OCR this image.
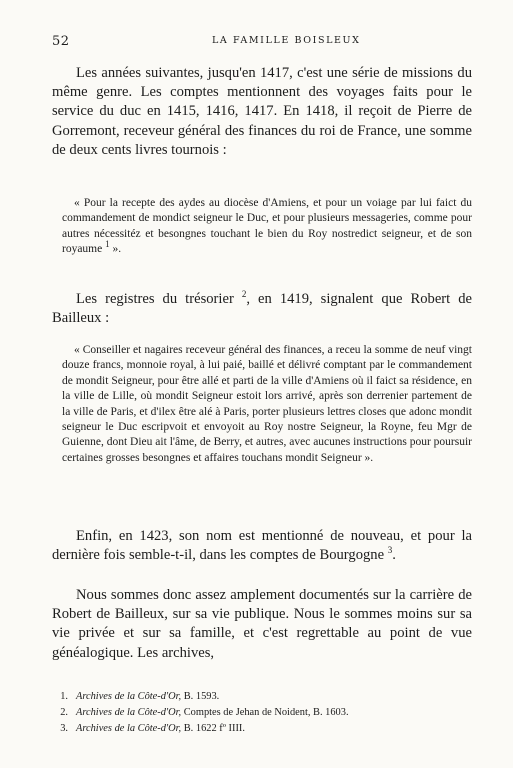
52	LA FAMILLE BOISLEUX

Les années suivantes, jusqu'en 1417, c'est une série de missions du même genre. Les comptes mentionnent des voyages faits pour le service du duc en 1415, 1416, 1417. En 1418, il reçoit de Pierre de Gorremont, receveur général des finances du roi de France, une somme de deux cents livres tournois :

« Pour la recepte des aydes au diocèse d'Amiens, et pour un voiage par lui faict du commandement de mondict seigneur le Duc, et pour plusieurs messageries, comme pour autres nécessitéz et besongnes touchant le bien du Roy nostredict seigneur, et de son royaume $^1$ ».

Les registres du trésorier $^2$, en 1419, signalent que Robert de Bailleux :

« Conseiller et nagaires receveur général des finances, a receu la somme de neuf vingt douze francs, monnoie royal, à lui paié, baillé et délivré comptant par le commandement de mondit Seigneur, pour être allé et parti de la ville d'Amiens où il faict sa résidence, en la ville de Lille, où mondit Seigneur estoit lors arrivé, après son derrenier partement de la ville de Paris, et d'ilex être alé à Paris, porter plusieurs lettres closes que adonc mondit seigneur le Duc escripvoit et envoyoit au Roy nostre Seigneur, la Royne, feu Mgr de Guienne, dont Dieu ait l'âme, de Berry, et autres, avec aucunes instructions pour poursuir certaines grosses besongnes et affaires touchans mondit Seigneur ».

Enfin, en 1423, son nom est mentionné de nouveau, et pour la dernière fois semble-t-il, dans les comptes de Bourgogne $^3$.

Nous sommes donc assez amplement documentés sur la carrière de Robert de Bailleux, sur sa vie publique. Nous le sommes moins sur sa vie privée et sur sa famille, et c'est regrettable au point de vue généalogique. Les archives,

1. Archives de la Côte-d'Or, B. 1593.
2. Archives de la Côte-d'Or, Comptes de Jehan de Noident, B. 1603.
3. Archives de la Côte-d'Or, B. 1622 fº IIII.
